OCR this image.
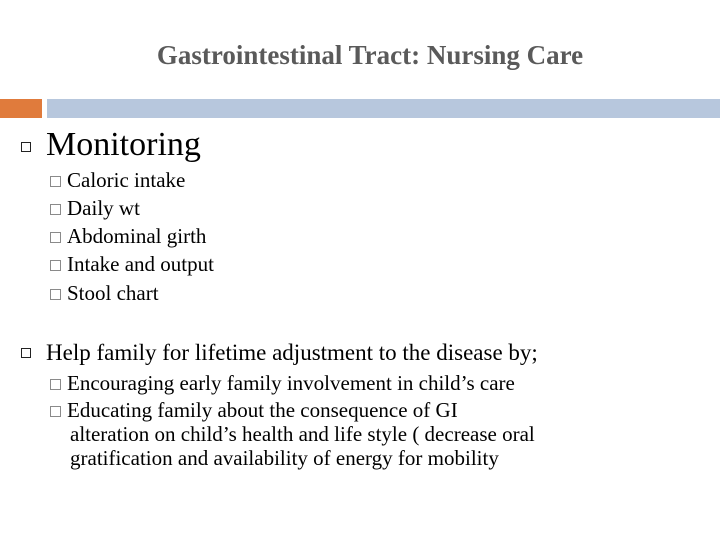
Gastrointestinal Tract: Nursing Care
Monitoring
Caloric intake
Daily wt
Abdominal girth
Intake and output
Stool chart
Help family for lifetime adjustment to the disease by;
Encouraging early family involvement in child’s care
Educating family about the consequence of GI
alteration on child’s health and life style ( decrease oral
gratification and availability of energy for mobility
